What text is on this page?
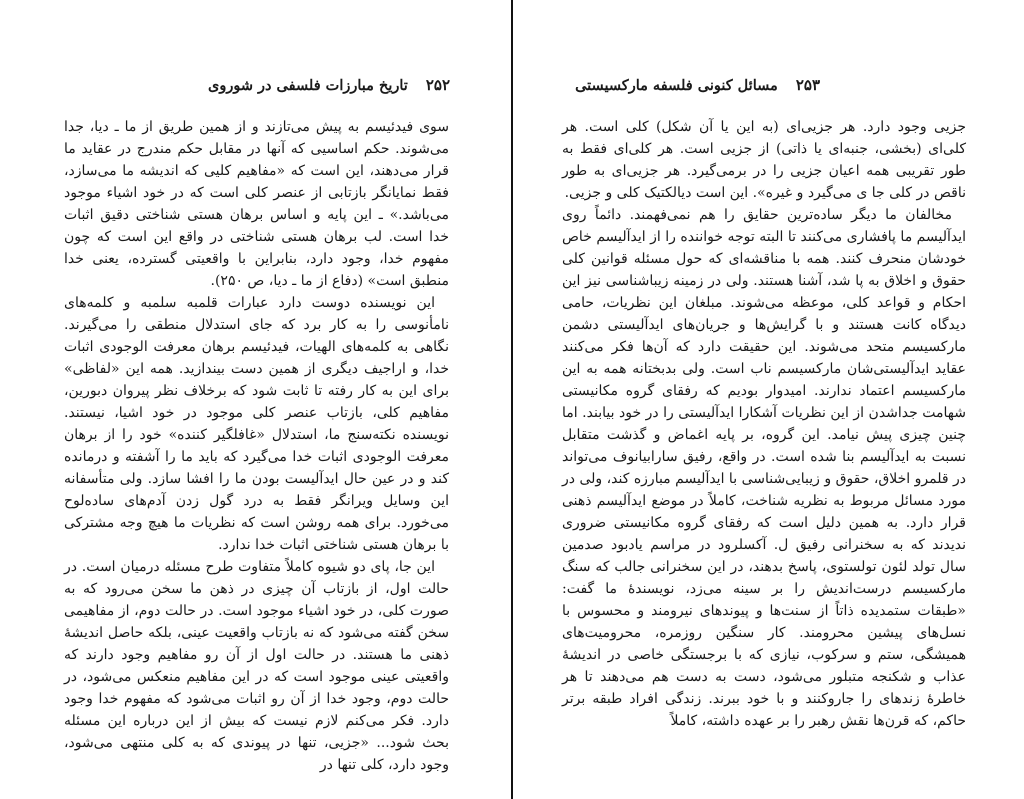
۲۵۲تاریخ مبارزات فلسفی در شوروی

سوی فیدئیسم به پیش می‌تازند و از همین طریق از ما ـ دیا، جدا می‌شوند. حکم اساسیی که آنها در مقابل حکم مندرج در عقاید ما قرار می‌دهند، این است که «مفاهیم کلیی که اندیشه ما می‌سازد، فقط نمایانگر بازتابی از عنصر کلی است که در خود اشیاء موجود می‌باشد.» ـ این پایه و اساس برهان هستی شناختی دقیق اثبات خدا است. لب برهان هستی شناختی در واقع این است که چون مفهوم خدا، وجود دارد، بنابراین با واقعیتی گسترده، یعنی خدا منطبق است» (دفاع از ما ـ دیا، ص ۲۵۰).

این نویسنده دوست دارد عبارات قلمبه سلمبه و کلمه‌های نامأنوسی را به کار برد که جای استدلال منطقی را می‌گیرند. نگاهی به کلمه‌های الهیات، فیدئیسم برهان معرفت الوجودی اثبات خدا، و اراجیف دیگری از همین دست بیندازید. همه این «لفاظی» برای این به کار رفته تا ثابت شود که برخلاف نظر پیروان دبورین، مفاهیم کلی، بازتاب عنصر کلی موجود در خود اشیا، نیستند. نویسنده نکته‌سنج ما، استدلال «غافلگیر کننده» خود را از برهان معرفت الوجودی اثبات خدا می‌گیرد که باید ما را آشفته و درمانده کند و در عین حال ایدآلیست بودن ما را افشا سازد. ولی متأسفانه این وسایل ویرانگر فقط به درد گول زدن آدم‌های ساده‌لوح می‌خورد. برای همه روشن است که نظریات ما هیچ وجه مشترکی با برهان هستی شناختی اثبات خدا ندارد.

این جا، پای دو شیوه کاملاً متفاوت طرح مسئله درمیان است. در حالت اول، از بازتاب آن چیزی در ذهن ما سخن می‌رود که به صورت کلی، در خود اشیاء موجود است. در حالت دوم، از مفاهیمی سخن گفته می‌شود که نه بازتاب واقعیت عینی، بلکه حاصل اندیشهٔ ذهنی ما هستند. در حالت اول از آن رو مفاهیم وجود دارند که واقعیتی عینی موجود است که در این مفاهیم منعکس می‌شود، در حالت دوم، وجود خدا از آن رو اثبات می‌شود که مفهوم خدا وجود دارد. فکر می‌کنم لازم نیست که بیش از این درباره این مسئله بحث شود... «جزیی، تنها در پیوندی که به کلی منتهی می‌شود، وجود دارد، کلی تنها در

۲۵۳مسائل کنونی فلسفه مارکسیستی

جزیی وجود دارد. هر جزیی‌ای (به این یا آن شکل) کلی است. هر کلی‌ای (بخشی، جنبه‌ای یا ذاتی) از جزیی است. هر کلی‌ای فقط به طور تقریبی همه اعیان جزیی را در برمی‌گیرد. هر جزیی‌ای به طور ناقص در کلی جا ی می‌گیرد و غیره». این است دیالکتیک کلی و جزیی.

مخالفان ما دیگر ساده‌ترین حقایق را هم نمی‌فهمند. دائماً روی ایدآلیسم ما پافشاری می‌کنند تا البته توجه خواننده را از ایدآلیسم خاص خودشان منحرف کنند. همه با مناقشه‌ای که حول مسئله قوانین کلی حقوق و اخلاق به پا شد، آشنا هستند. ولی در زمینه زیباشناسی نیز این احکام و قواعد کلی، موعظه می‌شوند. مبلغان این نظریات، حامی دیدگاه کانت هستند و با گرایش‌ها و جریان‌های ایدآلیستی دشمن مارکسیسم متحد می‌شوند. این حقیقت دارد که آن‌ها فکر می‌کنند عقاید ایدآلیستی‌شان مارکسیسم ناب است. ولی بدبختانه همه به این مارکسیسم اعتماد ندارند. امیدوار بودیم که رفقای گروه مکانیستی شهامت جداشدن از این نظریات آشکارا ایدآلیستی را در خود بیابند. اما چنین چیزی پیش نیامد. این گروه، بر پایه اغماض و گذشت متقابل نسبت به ایدآلیسم بنا شده است. در واقع، رفیق سارابیانوف می‌تواند در قلمرو اخلاق، حقوق و زیبایی‌شناسی با ایدآلیسم مبارزه کند، ولی در مورد مسائل مربوط به نظریه شناخت، کاملاً در موضع ایدآلیسم ذهنی قرار دارد. به همین دلیل است که رفقای گروه مکانیستی ضروری ندیدند که به سخنرانی رفیق ل. آکسلرود در مراسم یادبود صدمین سال تولد لئون تولستوی، پاسخ بدهند، در این سخنرانی جالب که سنگ مارکسیسم درست‌اندیش را بر سینه می‌زد، نویسندهٔ ما گفت: «طبقات ستمدیده ذاتاً از سنت‌ها و پیوندهای نیرومند و محسوس با نسل‌های پیشین محرومند. کار سنگین روزمره، محرومیت‌های همیشگی، ستم و سرکوب، نیازی که با برجستگی خاصی در اندیشهٔ عذاب و شکنجه متبلور می‌شود، دست به دست هم می‌دهند تا هر خاطرهٔ زندهای را جاروکنند و با خود ببرند. زندگی افراد طبقه برتر حاکم، که قرن‌ها نقش رهبر را بر عهده داشته، کاملاً
